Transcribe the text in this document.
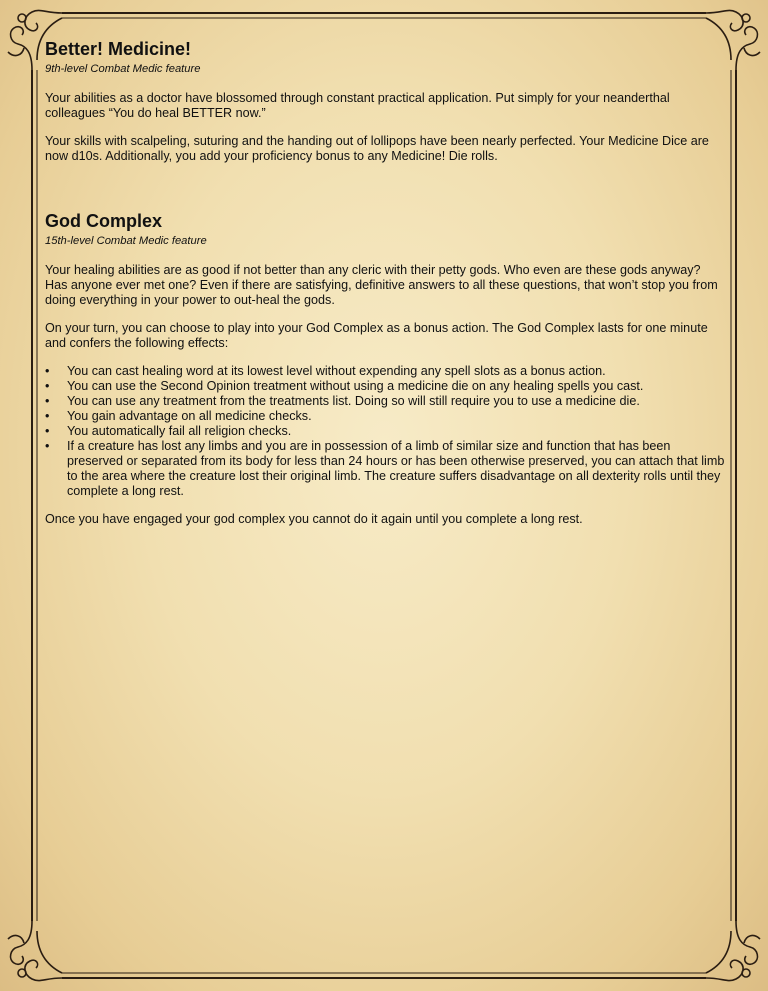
Better! Medicine!
9th-level Combat Medic feature

Your abilities as a doctor have blossomed through constant practical application. Put simply for your neanderthal colleagues “You do heal BETTER now.”

Your skills with scalpeling, suturing and the handing out of lollipops have been nearly perfected. Your Medicine Dice are now d10s. Additionally, you add your proficiency bonus to any Medicine! Die rolls.

God Complex
15th-level Combat Medic feature

Your healing abilities are as good if not better than any cleric with their petty gods. Who even are these gods anyway? Has anyone ever met one? Even if there are satisfying, definitive answers to all these questions, that won’t stop you from doing everything in your power to out-heal the gods.

On your turn, you can choose to play into your God Complex as a bonus action. The God Complex lasts for one minute and confers the following effects:

• You can cast healing word at its lowest level without expending any spell slots as a bonus action.
• You can use the Second Opinion treatment without using a medicine die on any healing spells you cast.
• You can use any treatment from the treatments list. Doing so will still require you to use a medicine die.
• You gain advantage on all medicine checks.
• You automatically fail all religion checks.
• If a creature has lost any limbs and you are in possession of a limb of similar size and function that has been preserved or separated from its body for less than 24 hours or has been otherwise preserved, you can attach that limb to the area where the creature lost their original limb. The creature suffers disadvantage on all dexterity rolls until they complete a long rest.

Once you have engaged your god complex you cannot do it again until you complete a long rest.
